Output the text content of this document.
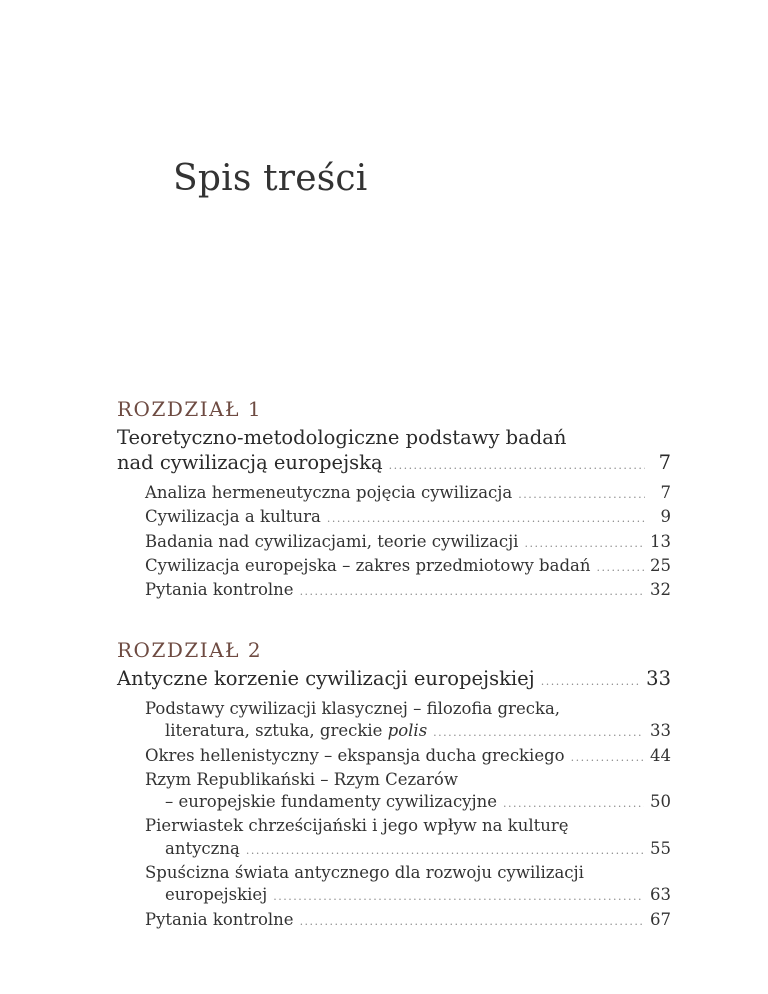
Spis treści
ROZDZIAŁ 1
Teoretyczno-metodologiczne podstawy badań
nad cywilizacją europejską .....	7
Analiza hermeneutyczna pojęcia cywilizacja .....	7
Cywilizacja a kultura .....	9
Badania nad cywilizacjami, teorie cywilizacji .....	13
Cywilizacja europejska – zakres przedmiotowy badań .....	25
Pytania kontrolne .....	32
ROZDZIAŁ 2
Antyczne korzenie cywilizacji europejskiej .....	33
Podstawy cywilizacji klasycznej – filozofia grecka,
literatura, sztuka, greckie polis .....	33
Okres hellenistyczny – ekspansja ducha greckiego .....	44
Rzym Republikański – Rzym Cezarów
– europejskie fundamenty cywilizacyjne .....	50
Pierwiastek chrześcijański i jego wpływ na kulturę
antyczną .....	55
Spuścizna świata antycznego dla rozwoju cywilizacji
europejskiej .....	63
Pytania kontrolne .....	67
